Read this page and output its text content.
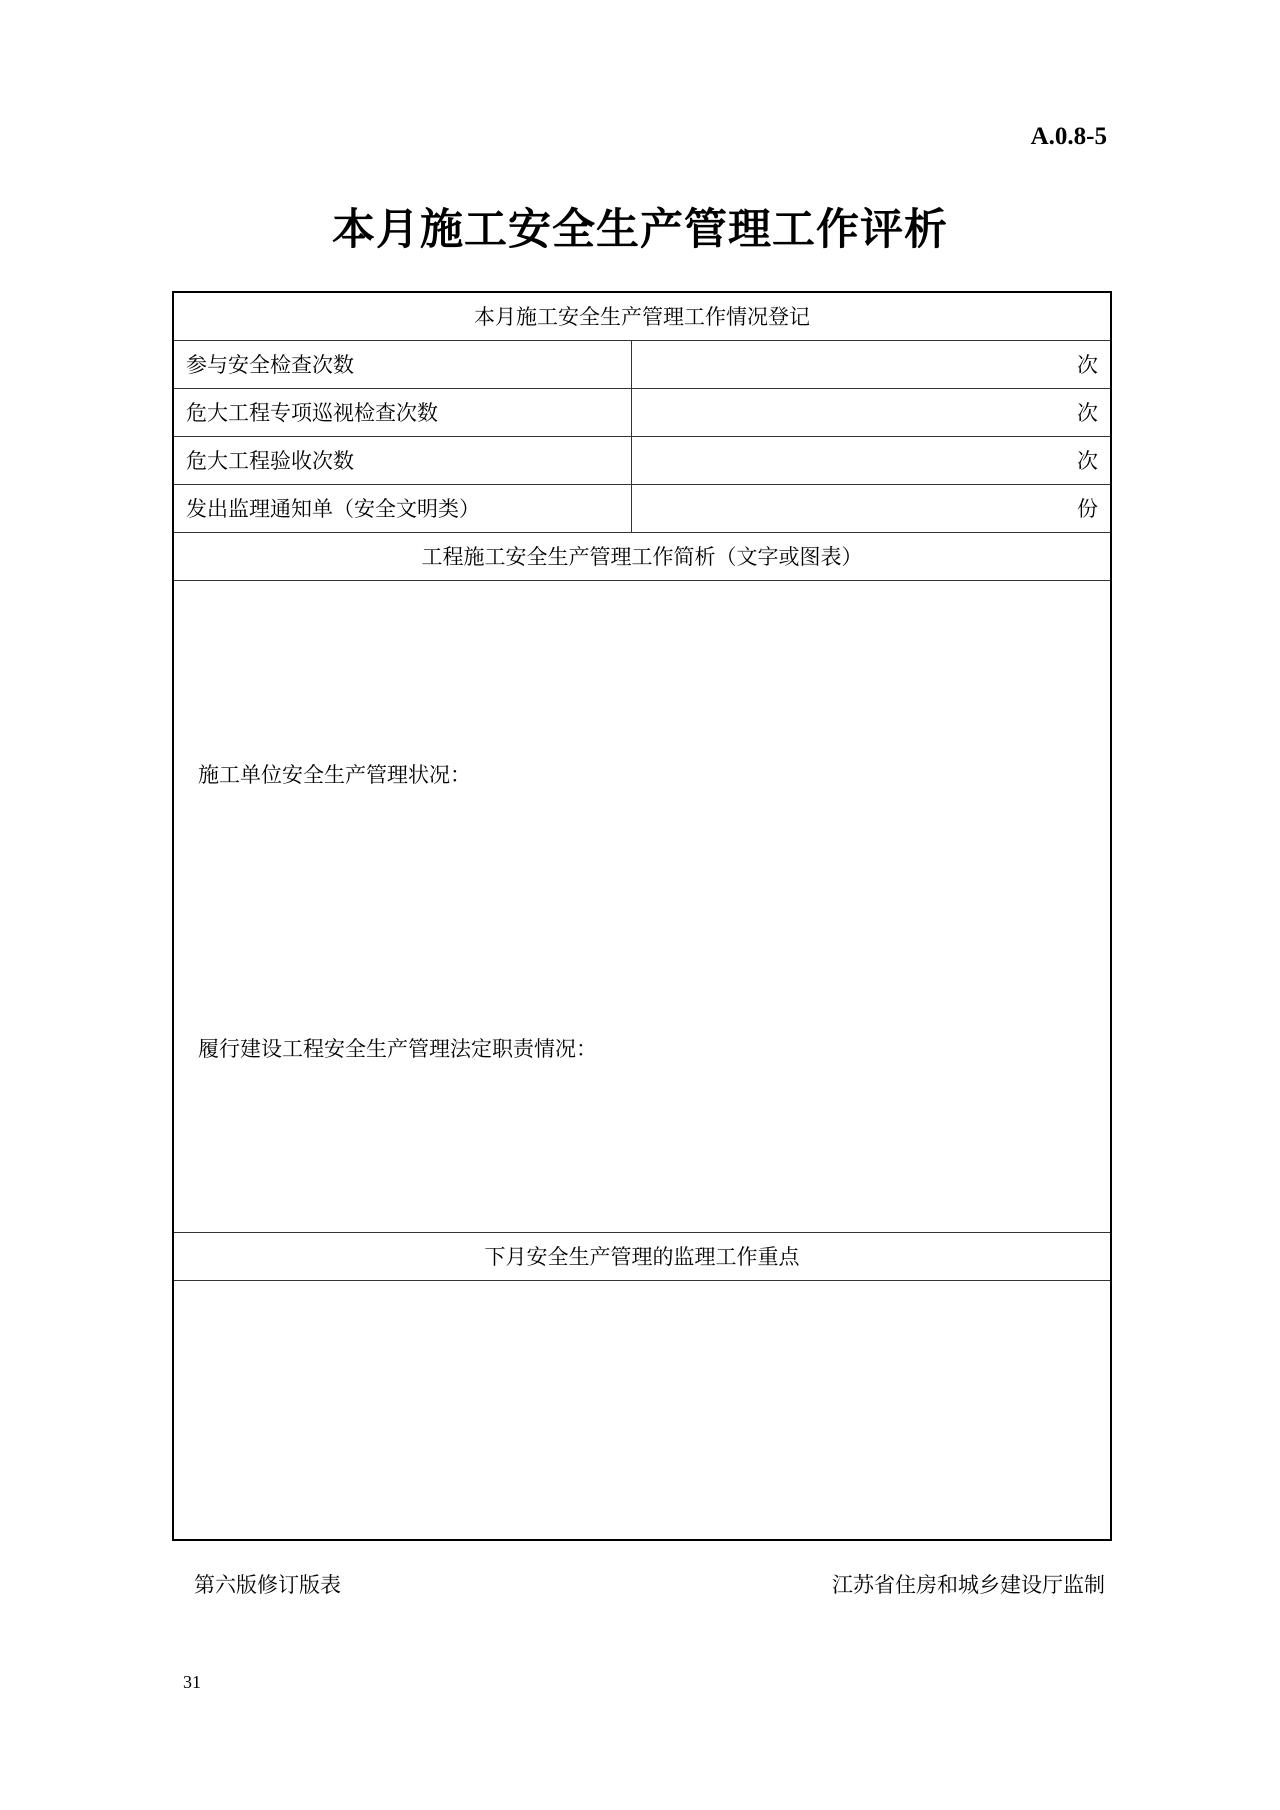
A.0.8-5
本月施工安全生产管理工作评析
本月施工安全生产管理工作情况登记	
参与安全检查次数	次
危大工程专项巡视检查次数	次
危大工程验收次数	次
发出监理通知单（安全文明类）	份
工程施工安全生产管理工作简析（文字或图表）	

施工单位安全生产管理状况：
履行建设工程安全生产管理法定职责情况：	

下月安全生产管理的监理工作重点	

第六版修订版表	江苏省住房和城乡建设厅监制
31
